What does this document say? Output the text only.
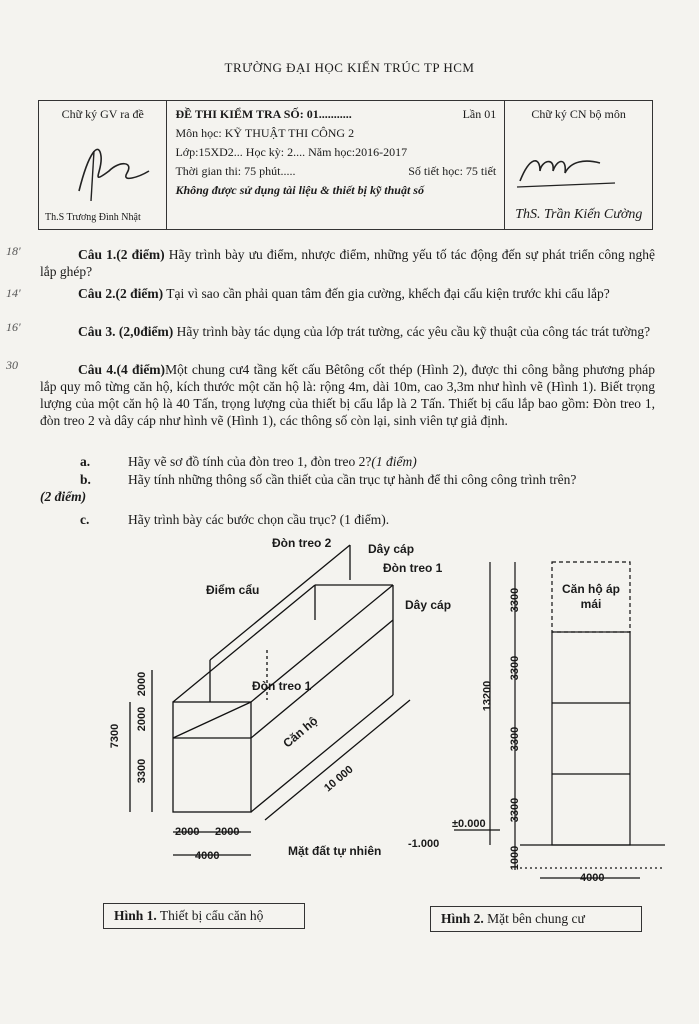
TRƯỜNG ĐẠI HỌC KIẾN TRÚC TP HCM
Chữ ký GV ra đề
Th.S Trương Đình Nhật

ĐỀ THI KIỂM TRA SỐ: 01...........	Lần 01
Môn học: KỸ THUẬT THI CÔNG 2
Lớp:15XD2... Học kỳ: 2.... Năm học:2016-2017
Thời gian thi: 75 phút.....	Số tiết học: 75 tiết
Không được sử dụng tài liệu & thiết bị kỹ thuật số

Chữ ký CN bộ môn
ThS. Trần Kiến Cường
18'
14'
16'
30
Câu 1.(2 điểm) Hãy trình bày ưu điểm, nhược điểm, những yếu tố tác động đến sự phát triển công nghệ lắp ghép?
Câu 2.(2 điểm) Tại vì sao cần phải quan tâm đến gia cường, khếch đại cấu kiện trước khi cẩu lắp?
Câu 3. (2,0điểm) Hãy trình bày tác dụng của lớp trát tường, các yêu cầu kỹ thuật của công tác trát tường?
Câu 4.(4 điểm)Một chung cư4 tầng kết cấu Bêtông cốt thép (Hình 2), được thi công bằng phương pháp lắp quy mô từng căn hộ, kích thước một căn hộ là: rộng 4m, dài 10m, cao 3,3m như hình vẽ (Hình 1). Biết trọng lượng của một căn hộ là 40 Tấn, trọng lượng của thiết bị cẩu lắp là 2 Tấn. Thiết bị cẩu lắp bao gồm: Đòn treo 1, đòn treo 2 và dây cáp như hình vẽ (Hình 1), các thông số còn lại, sinh viên tự giả định.
a.	Hãy vẽ sơ đồ tính của đòn treo 1, đòn treo 2?(1 điểm)
b.	Hãy tính những thông số cần thiết của cần trục tự hành để thi công công trình trên?
(2 điểm)
c.	Hãy trình bày các bước chọn cầu trục? (1 điểm).
Đòn treo 2	Dây cáp
Đòn treo 1
Điểm cẩu
Dây cáp
Đòn treo 1
Căn hộ
10 000
7300
2000
2000
3300
2000 2000
4000	Mặt đất tự nhiên -1.000
Căn hộ áp mái
3300
3300
3300
3300
13200
1000
±0.000
4000
Hình 1. Thiết bị cẩu căn hộ	Hình 2. Mặt bên chung cư
